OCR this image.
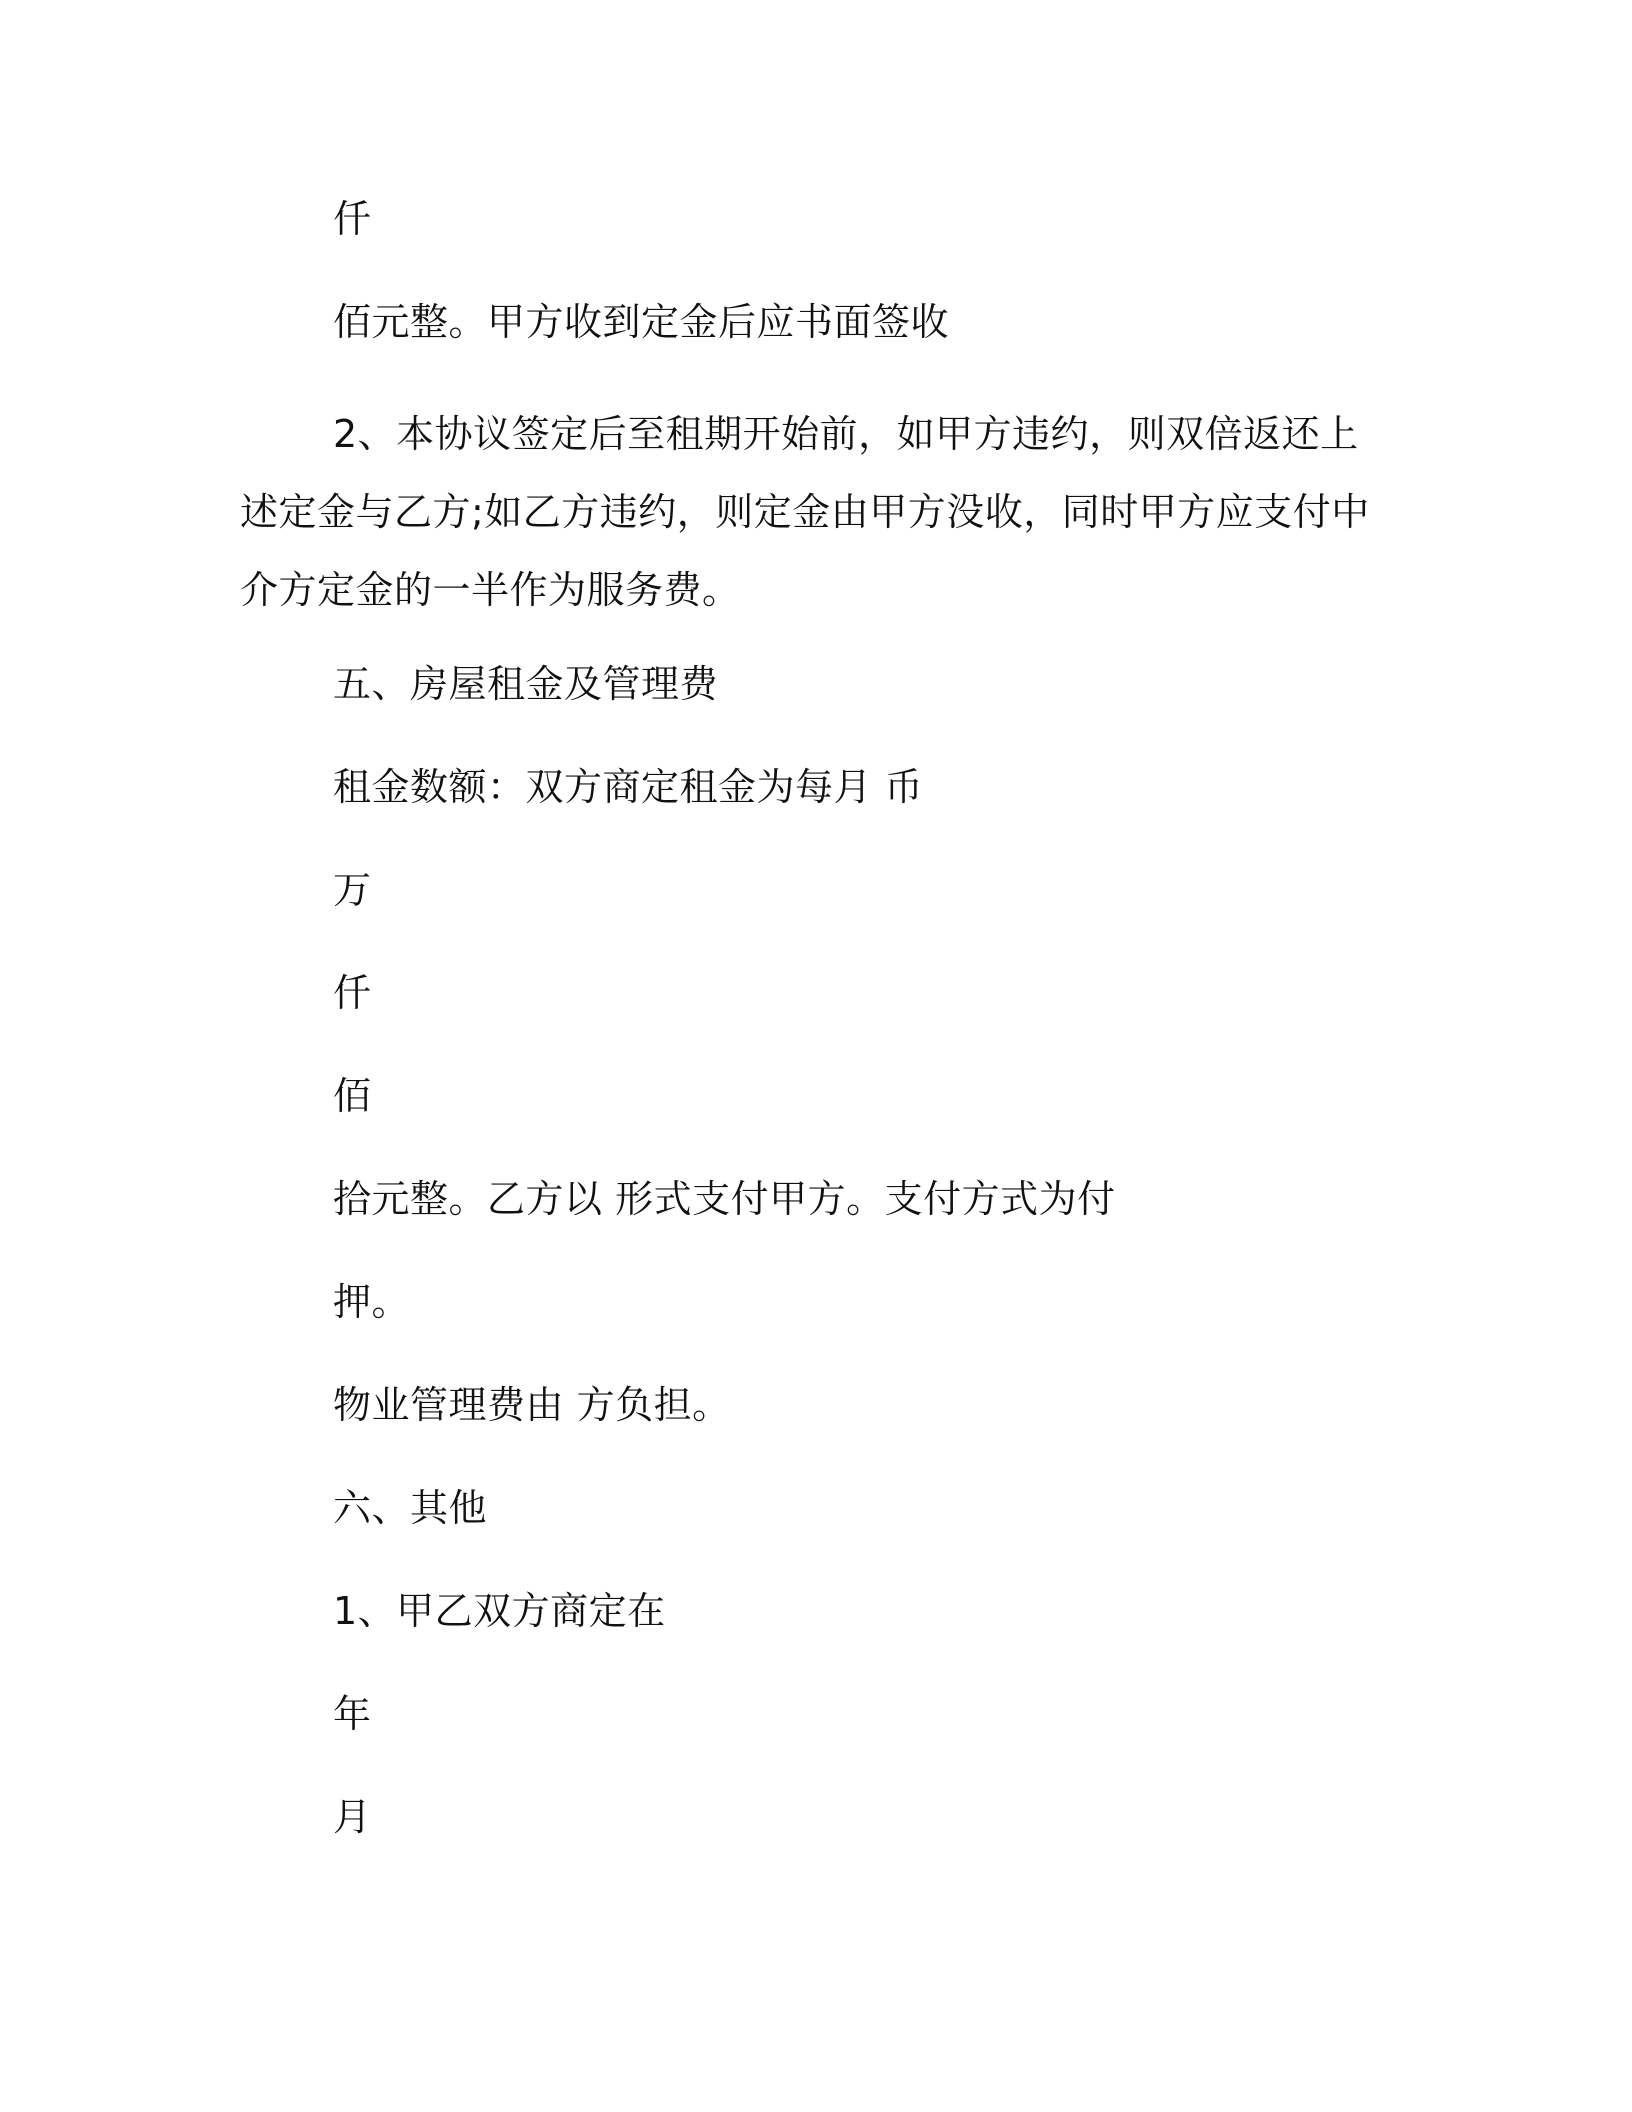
仟
佰元整。甲方收到定金后应书面签收
2、本协议签定后至租期开始前，如甲方违约，则双倍返还上述定金与乙方;如乙方违约，则定金由甲方没收，同时甲方应支付中介方定金的一半作为服务费。
五、房屋租金及管理费
租金数额：双方商定租金为每月 币
万
仟
佰
拾元整。乙方以 形式支付甲方。支付方式为付
押。
物业管理费由 方负担。
六、其他
1、甲乙双方商定在
年
月
